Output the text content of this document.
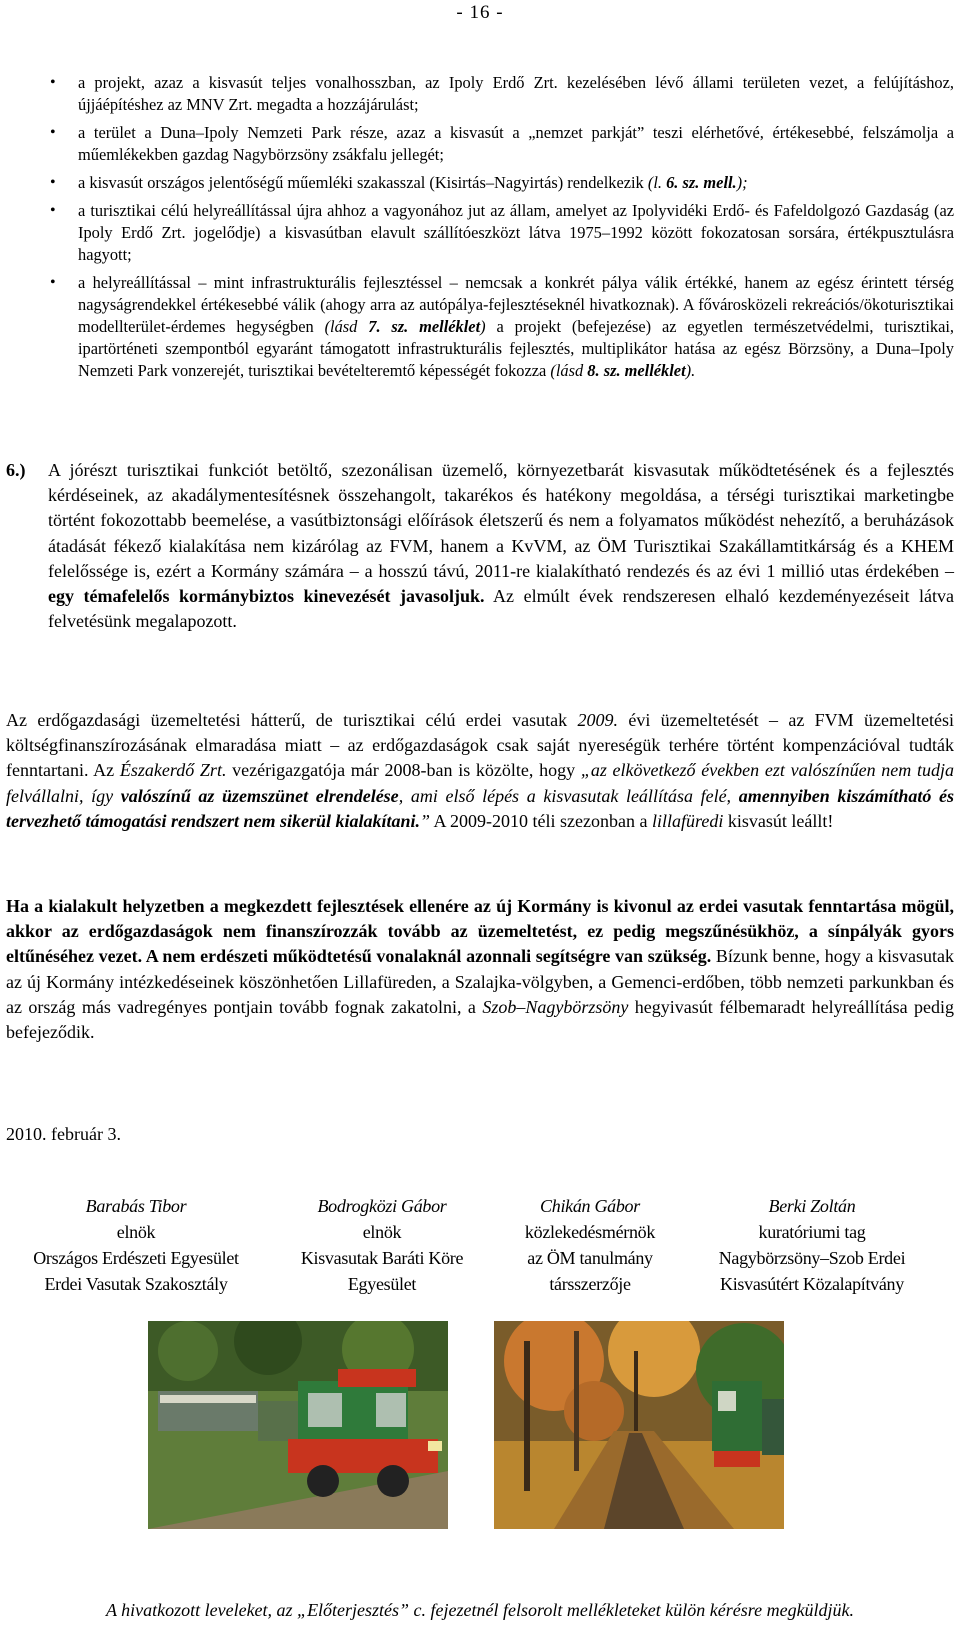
- 16 -
• a projekt, azaz a kisvasút teljes vonalhosszban, az Ipoly Erdő Zrt. kezelésében lévő állami területen vezet, a felújításhoz, újjáépítéshez az MNV Zrt. megadta a hozzájárulást;
• a terület a Duna–Ipoly Nemzeti Park része, azaz a kisvasút a „nemzet parkját” teszi elérhetővé, értékesebbé, felszámolja a műemlékekben gazdag Nagybörzsöny zsákfalu jellegét;
• a kisvasút országos jelentőségű műemléki szakasszal (Kisirtás–Nagyirtás) rendelkezik (l. 6. sz. mell.);
• a turisztikai célú helyreállítással újra ahhoz a vagyonához jut az állam, amelyet az Ipolyvidéki Erdő- és Fafeldolgozó Gazdaság (az Ipoly Erdő Zrt. jogelődje) a kisvasútban elavult szállítóeszközt látva 1975–1992 között fokozatosan sorsára, értékpusztulásra hagyott;
• a helyreállítással – mint infrastrukturális fejlesztéssel – nemcsak a konkrét pálya válik értékké, hanem az egész érintett térség nagyságrendekkel értékesebbé válik (ahogy arra az autópálya-fejlesztéseknél hivatkoznak). A fővárosközeli rekreációs/ökoturisztikai modellterület-érdemes hegységben (lásd 7. sz. melléklet) a projekt (befejezése) az egyetlen természetvédelmi, turisztikai, ipartörténeti szempontból egyaránt támogatott infrastrukturális fejlesztés, multiplikátor hatása az egész Börzsöny, a Duna–Ipoly Nemzeti Park vonzerejét, turisztikai bevételteremtő képességét fokozza (lásd 8. sz. melléklet).
6.) A jórészt turisztikai funkciót betöltő, szezonálisan üzemelő, környezetbarát kisvasutak működtetésének és a fejlesztés kérdéseinek, az akadálymentesítésnek összehangolt, takarékos és hatékony megoldása, a térségi turisztikai marketingbe történt fokozottabb beemelése, a vasútbiztonsági előírások életszerű és nem a folyamatos működést nehezítő, a beruházások átadását fékező kialakítása nem kizárólag az FVM, hanem a KvVM, az ÖM Turisztikai Szakállamtitkárság és a KHEM felelőssége is, ezért a Kormány számára – a hosszú távú, 2011-re kialakítható rendezés és az évi 1 millió utas érdekében – egy témafelelős kormánybiztos kinevezését javasoljuk. Az elmúlt évek rendszeresen elhaló kezdeményezéseit látva felvetésünk megalapozott.

Az erdőgazdasági üzemeltetési hátterű, de turisztikai célú erdei vasutak 2009. évi üzemeltetését – az FVM üzemeltetési költségfinanszírozásának elmaradása miatt – az erdőgazdaságok csak saját nyereségük terhére történt kompenzációval tudták fenntartani. Az Északerdő Zrt. vezérigazgatója már 2008-ban is közölte, hogy „az elkövetkező években ezt valószínűen nem tudja felvállalni, így valószínű az üzemszünet elrendelése, ami első lépés a kisvasutak leállítása felé, amennyiben kiszámítható és tervezhető támogatási rendszert nem sikerül kialakítani.” A 2009-2010 téli szezonban a lillafüredi kisvasút leállt!

Ha a kialakult helyzetben a megkezdett fejlesztések ellenére az új Kormány is kivonul az erdei vasutak fenntartása mögül, akkor az erdőgazdaságok nem finanszírozzák tovább az üzemeltetést, ez pedig megszűnésükhöz, a sínpályák gyors eltűnéséhez vezet. A nem erdészeti működtetésű vonalaknál azonnali segítségre van szükség. Bízunk benne, hogy a kisvasutak az új Kormány intézkedéseinek köszönhetően Lillafüreden, a Szalajka-völgyben, a Gemenci-erdőben, több nemzeti parkunkban és az ország más vadregényes pontjain tovább fognak zakatolni, a Szob–Nagybörzsöny hegyivasút félbemaradt helyreállítása pedig befejeződik.

2010. február 3.
Barabás Tibor
elnök
Országos Erdészeti Egyesület
Erdei Vasutak Szakosztály
Bodrogközi Gábor
elnök
Kisvasutak Baráti Köre
Egyesület
Chikán Gábor
közlekedésmérnök
az ÖM tanulmány
társszerzője
Berki Zoltán
kuratóriumi tag
Nagybörzsöny–Szob Erdei
Kisvasútért Közalapítvány
A hivatkozott leveleket, az „Előterjesztés” c. fejezetnél felsorolt mellékleteket külön kérésre megküldjük.
